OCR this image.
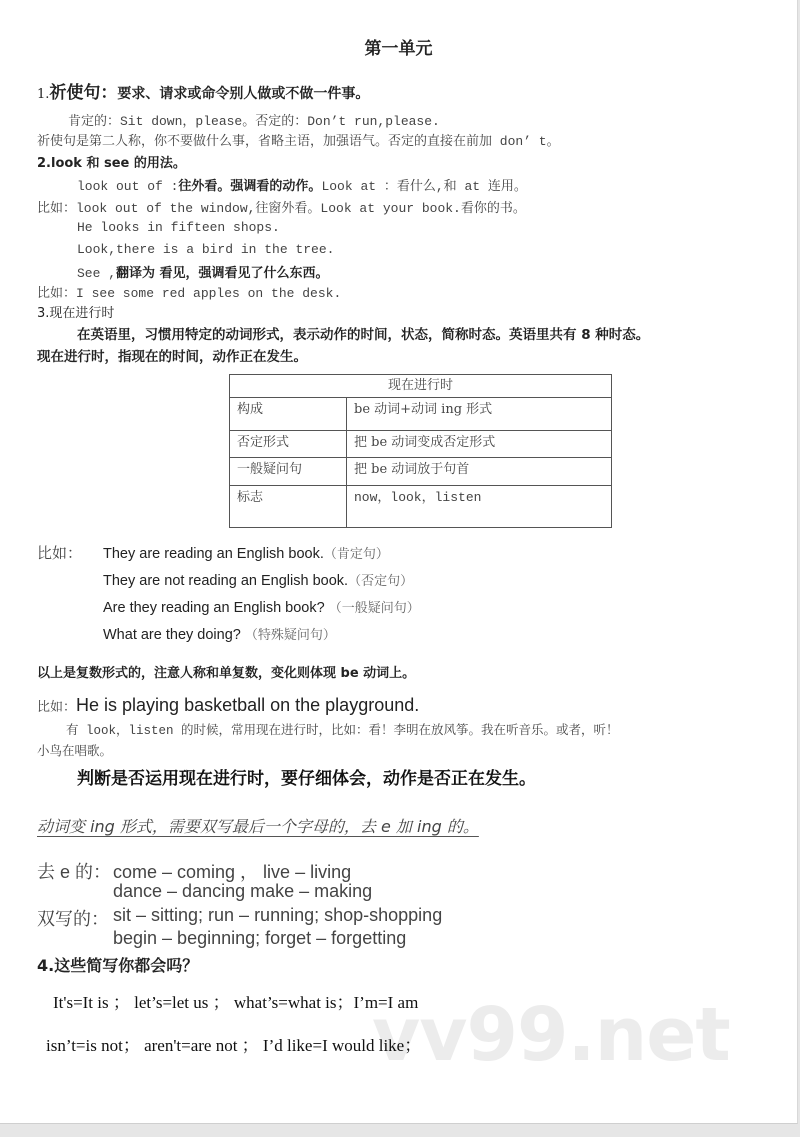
vv99.net
第一单元
1.祈使句：要求、请求或命令别人做或不做一件事。
肯定的：Sit down，please。否定的：Don’t run,please.
祈使句是第二人称，你不要做什么事，省略主语，加强语气。否定的直接在前加 don’ t。
2.look 和 see 的用法。
look out of :往外看。强调看的动作。Look at ：看什么,和 at 连用。
比如：look out of the window,往窗外看。Look at your book.看你的书。
He looks in fifteen shops.
Look,there is a bird in the tree.
See ,翻译为 看见，强调看见了什么东西。
比如：I see some red apples on the desk.
3.现在进行时
在英语里，习惯用特定的动词形式，表示动作的时间，状态，简称时态。英语里共有 8 种时态。
现在进行时，指现在的时间，动作正在发生。
现在进行时	
构成	be 动词+动词 ing 形式
否定形式	把 be 动词变成否定形式
一般疑问句	把 be 动词放于句首
标志	now，look，listen
比如： They are reading an English book.（肯定句）
They are not reading an English book.（否定句）
Are they reading an English book? （一般疑问句）
What are they doing? （特殊疑问句）
以上是复数形式的，注意人称和单复数，变化则体现 be 动词上。
比如：He is playing basketball on the playground.
有 look，listen 的时候，常用现在进行时，比如：看！李明在放风筝。我在听音乐。或者，听！
小鸟在唱歌。
判断是否运用现在进行时，要仔细体会，动作是否正在发生。
动词变 ing 形式，需要双写最后一个字母的，去 e 加 ing 的。
去 e 的： come – coming ， live – living
dance – dancing make – making
双写的： sit – sitting; run – running; shop-shopping
begin – beginning; forget – forgetting
4.这些简写你都会吗？
It's=It is ； let’s=let us ； what’s=what is；I’m=I am
isn’t=is not； aren't=are not ； I’d like=I would like；
